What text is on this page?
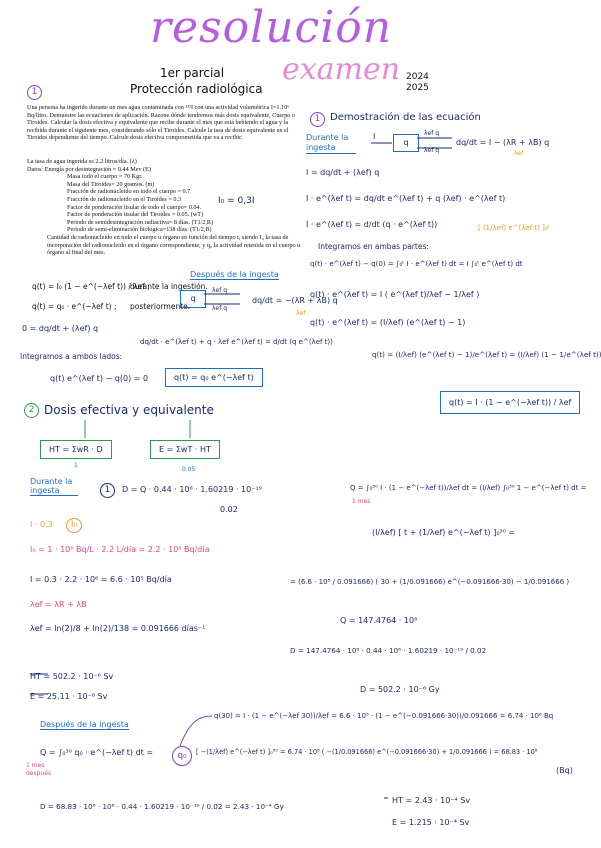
resolución
examen
1er parcial
Protección radiológica
2024
2025
1
Una persona ha ingerido durante un mes agua contaminada con ¹³¹I con una actividad volumétrica I=1.10⁶ Bq/litro. Demuestre las ecuaciones de aplicación. Razone dónde tendremos más dosis equivalente, Cuerpo o Tiroides. Calcular la dosis efectiva y equivalente que recibe durante el mes que está bebiendo el agua y la recibida durante el siguiente mes, considerando sólo el Tiroides. Calcule la tasa de dosis equivalente en el Tiroides dependiente del tiempo. Calcule dosis efectiva comprometida que va a recibir.
La tasa de agua ingerida es 2.2 litros/día. (λ)
Datos: Energía por desintegración = 0.44 Mev (E)
Masa todo el cuerpo = 70 Kgr.
Masa del Tiroides= 20 gramos. (m)
Fracción de radionucleido en todo el cuerpo = 0.7
Fracción de radionucleido en el Tiroides = 0.3
Factor de ponderación tisular de todo el cuerpo= 0.04.
Factor de ponderación tisular del Tiroides = 0.05. (wT)
Periodo de semidesintegración radiactiva= 8 días. (T1/2,R)
Periodo de semi-eliminación biológica=138 días. (T1/2,B)
Cantidad de radionucleido en todo el cuerpo u órgano en función del tiempo t, siendo I₀ la tasa de incorporación del radionucleido en el órgano correspondiente, y q₀ la actividad retenida en el cuerpo u órgano al final del mes.
I₀ = 0,3I
q(t) = I₀ (1 − e^(−λef t)) / λef ;
durante la ingestión.
q(t) = q₀ · e^(−λef t) ; posteriormente.
1 Demostración de las ecuación
Durante la ingesta
I
q
λef q
λef q
dq/dt = I − (λR + λB) q
λef
I = dq/dt + (λef) q
I · e^(λef t) = dq/dt e^(λef t) + q (λef) · e^(λef t)
I · e^(λef t) = d/dt (q · e^(λef t))	[ (1/λef) e^(λef t) ]₀ᵗ
Integramos en ambas partes:
q(t) · e^(λef t) − q(0) = ∫₀ᵗ I · e^(λef t) dt = I ∫₀ᵗ e^(λef t) dt
q(t) · e^(λef t) = I ( e^(λef t)/λef − 1/λef )
q(t) · e^(λef t) = (I/λef) (e^(λef t) − 1)
q(t) = (I/λef) (e^(λef t) − 1)/e^(λef t) = (I/λef) (1 − 1/e^(λef t))
q(t) = I · (1 − e^(−λef t)) / λef
Después de la ingesta
q
λef q
λef q
dq/dt = −(λR + λB) q
λef
0 = dq/dt + (λef) q
dq/dt · e^(λef t) + q · λef e^(λef t) = d/dt (q e^(λef t))
Integramos a ambos lados:
q(t) e^(λef t) − q(0) = 0	q(t) = q₀ e^(−λef t)
2 Dosis efectiva y equivalente
HT = ΣwR · D	E = ΣwT · HT
1
0.05
Durante la ingesta	1	D = Q · 0.44 · 10⁶ · 1.60219 · 10⁻¹⁹
0.02
I · 0.3	I₀
I₀ = 1 · 10⁶ Bq/L · 2.2 L/día = 2.2 · 10⁶ Bq/día
I = 0.3 · 2.2 · 10⁶ = 6.6 · 10⁵ Bq/día
λef = λR + λB
λef = ln(2)/8 + ln(2)/138 = 0.091666 días⁻¹
HT = 502.2 · 10⁻⁶ Sv
E = 25.11 · 10⁻⁶ Sv
Q = ∫₀³⁰ I · (1 − e^(−λef t))/λef dt = (I/λef) ∫₀³⁰ 1 − e^(−λef t) dt =
1 mes
(I/λef) [ t + (1/λef) e^(−λef t) ]₀³⁰ =
= (6.6 · 10⁵ / 0.091666) ( 30 + (1/0.091666) e^(−0.091666·30) − 1/0.091666 )
Q = 147.4764 · 10⁶
D = 147.4764 · 10⁶ · 0.44 · 10⁶ · 1.60219 · 10⁻¹⁹ / 0.02
D = 502.2 · 10⁻⁶ Gy
Después de la ingesta
q(30) = I · (1 − e^(−λef 30))/λef = 6.6 · 10⁵ · (1 − e^(−0.091666·30))/0.091666 = 6.74 · 10⁶ Bq
1 mes después
Q = ∫₀³⁰ q₀ · e^(−λef t) dt =	q₀	[ −(1/λef) e^(−λef t) ]₀³⁰ = 6.74 · 10⁶ ( −(1/0.091666) e^(−0.091666·30) + 1/0.091666 ) = 68.83 · 10⁶
(Bq)
D = 68.83 · 10⁶ · 10⁶ · 0.44 · 1.60219 · 10⁻¹⁹ / 0.02 = 2.43 · 10⁻⁴ Gy
HT = 2.43 · 10⁻⁴ Sv
E = 1.215 · 10⁻⁴ Sv
